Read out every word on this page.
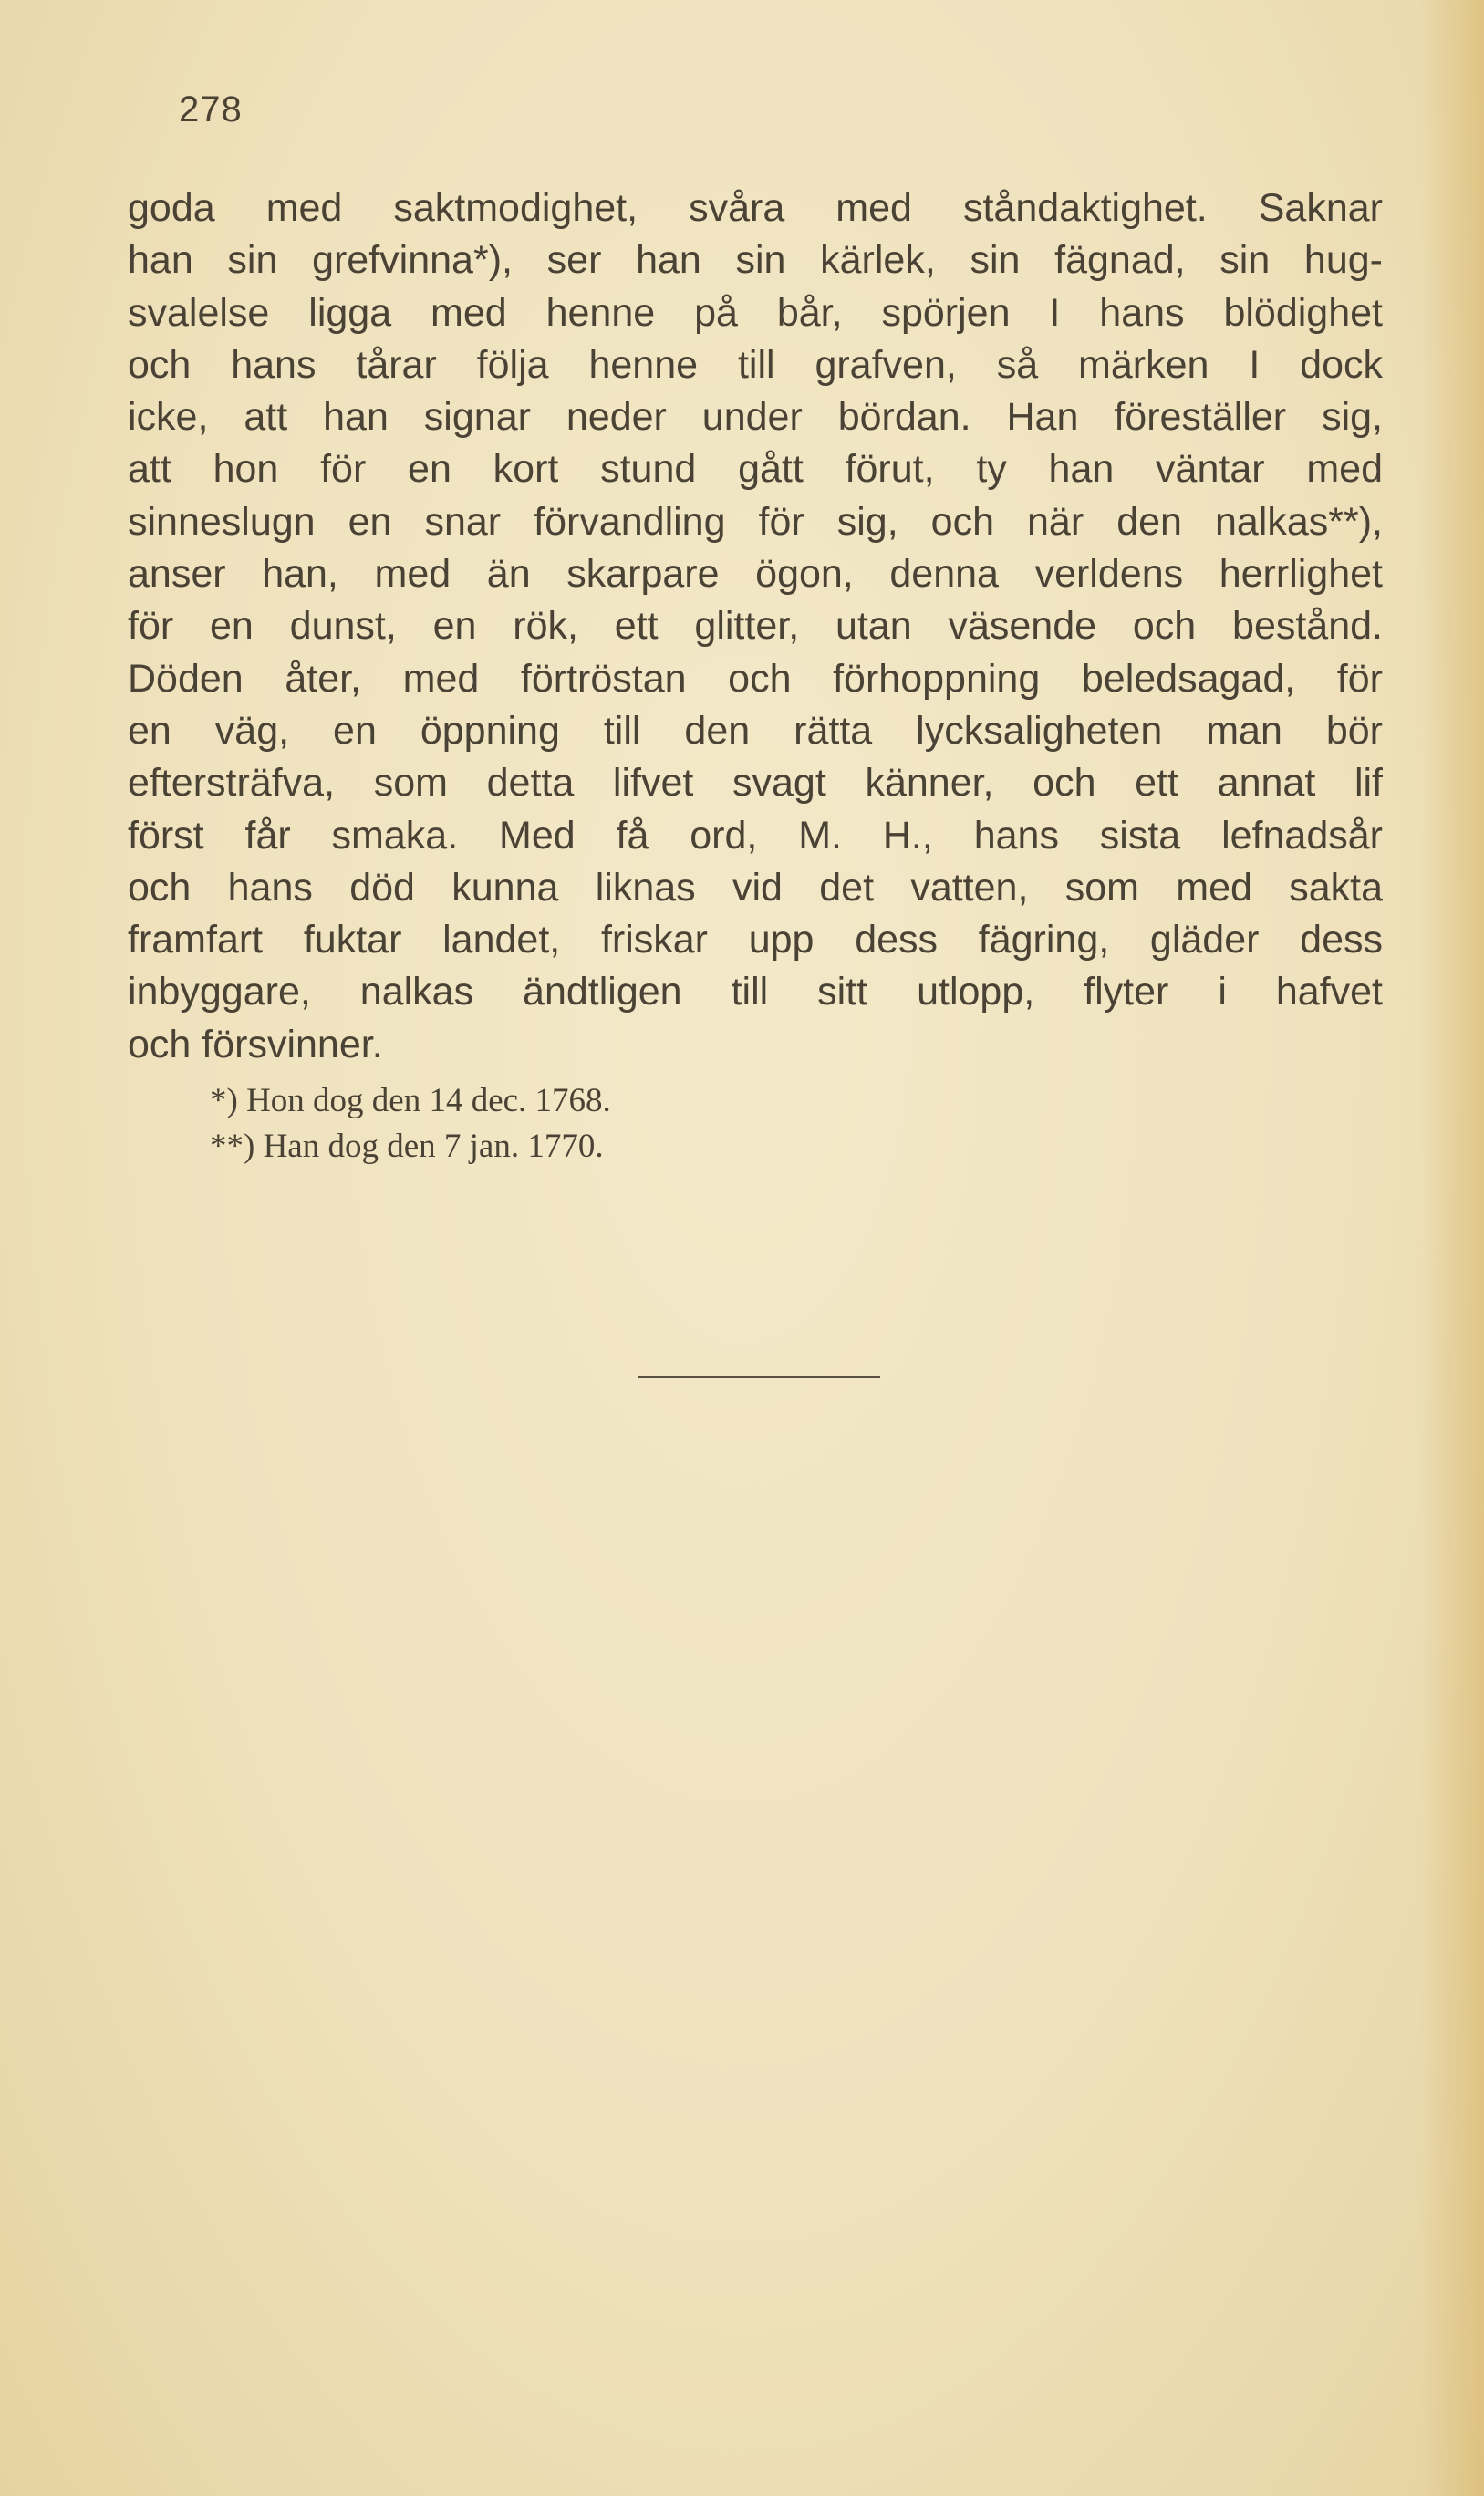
278
goda med saktmodighet, svåra med ståndaktighet. Saknar
han sin grefvinna*), ser han sin kärlek, sin fägnad, sin hug-
svalelse ligga med henne på bår, spörjen I hans blödighet
och hans tårar följa henne till grafven, så märken I dock
icke, att han signar neder under bördan. Han föreställer sig,
att hon för en kort stund gått förut, ty han väntar med
sinneslugn en snar förvandling för sig, och när den nalkas**),
anser han, med än skarpare ögon, denna verldens herrlighet
för en dunst, en rök, ett glitter, utan väsende och bestånd.
Döden åter, med förtröstan och förhoppning beledsagad, för
en väg, en öppning till den rätta lycksaligheten man bör
eftersträfva, som detta lifvet svagt känner, och ett annat lif
först får smaka. Med få ord, M. H., hans sista lefnadsår
och hans död kunna liknas vid det vatten, som med sakta
framfart fuktar landet, friskar upp dess fägring, gläder dess
inbyggare, nalkas ändtligen till sitt utlopp, flyter i hafvet
och försvinner.
*) Hon dog den 14 dec. 1768.
**) Han dog den 7 jan. 1770.
